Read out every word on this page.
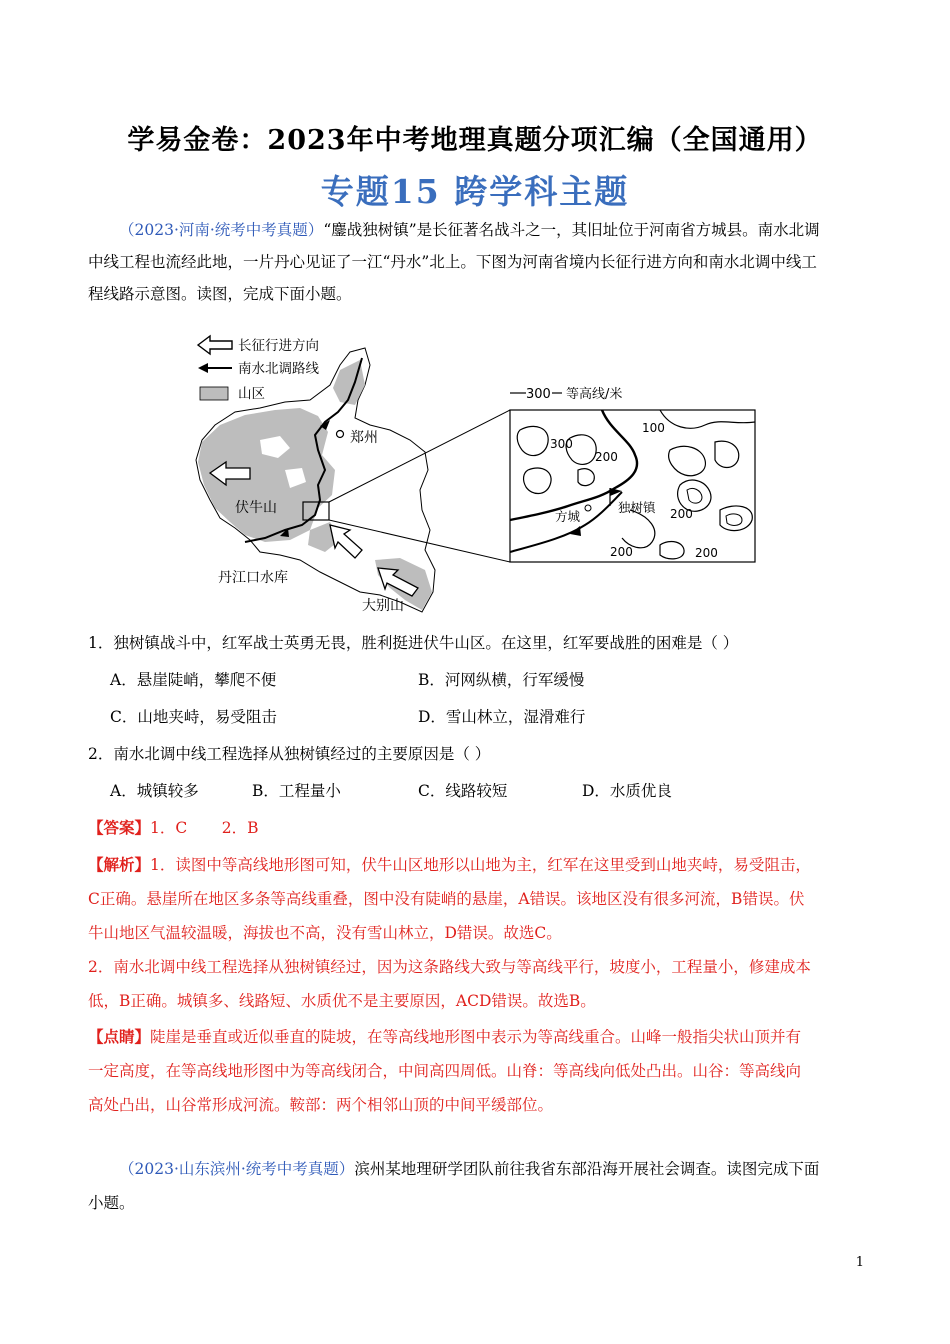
学易金卷：2023年中考地理真题分项汇编（全国通用）
专题15 跨学科主题
（2023·河南·统考中考真题）“鏖战独树镇”是长征著名战斗之一，其旧址位于河南省方城县。南水北调
中线工程也流经此地，一片丹心见证了一江“丹水”北上。下图为河南省境内长征行进方向和南水北调中线工
程线路示意图。读图，完成下面小题。
长征行进方向
南水北调路线
山区
郑州
伏牛山
丹江口水库
大别山
300 等高线/米
方城
独树镇
300
200
100
200
200	200
1．独树镇战斗中，红军战士英勇无畏，胜利挺进伏牛山区。在这里，红军要战胜的困难是（ ）
A．悬崖陡峭，攀爬不便	B．河网纵横，行军缓慢
C．山地夹峙，易受阻击	D．雪山林立，湿滑难行
2．南水北调中线工程选择从独树镇经过的主要原因是（ ）
A．城镇较多	B．工程量小	C．线路较短	D．水质优良
【答案】1．C       2．B
【解析】1．读图中等高线地形图可知，伏牛山区地形以山地为主，红军在这里受到山地夹峙，易受阻击，
C正确。悬崖所在地区多条等高线重叠，图中没有陡峭的悬崖，A错误。该地区没有很多河流，B错误。伏
牛山地区气温较温暖，海拔也不高，没有雪山林立，D错误。故选C。
2．南水北调中线工程选择从独树镇经过，因为这条路线大致与等高线平行，坡度小，工程量小，修建成本
低，B正确。城镇多、线路短、水质优不是主要原因，ACD错误。故选B。
【点睛】陡崖是垂直或近似垂直的陡坡，在等高线地形图中表示为等高线重合。山峰一般指尖状山顶并有
一定高度，在等高线地形图中为等高线闭合，中间高四周低。山脊：等高线向低处凸出。山谷：等高线向
高处凸出，山谷常形成河流。鞍部：两个相邻山顶的中间平缓部位。
（2023·山东滨州·统考中考真题）滨州某地理研学团队前往我省东部沿海开展社会调查。读图完成下面
小题。
1
